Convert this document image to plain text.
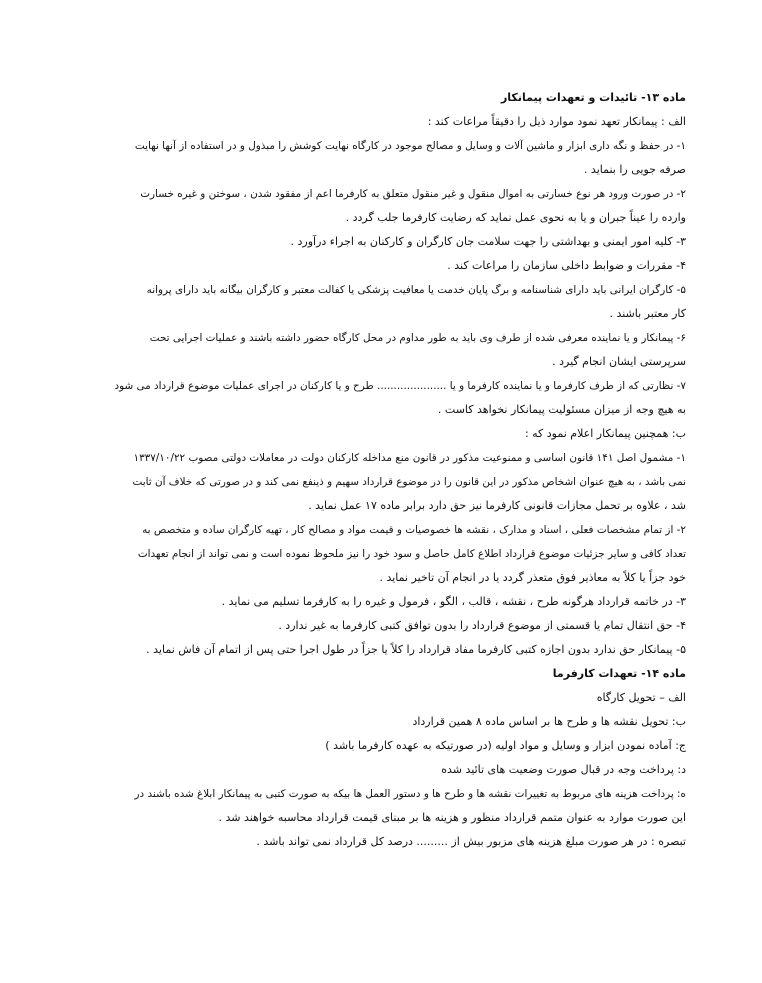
ماده ۱۳- تائیدات و تعهدات پیمانکار
الف : پیمانکار تعهد نمود موارد ذیل را دقیقاً مراعات کند :
۱- در حفظ و نگه داری ابزار و ماشین آلات و وسایل و مصالح موجود در کارگاه نهایت کوشش را مبذول و در استفاده از آنها نهایت
صرفه جویی را بنماید .
۲- در صورت ورود هر نوع خسارتی به اموال منقول و غیر منقول متعلق به کارفرما اعم از مفقود شدن ، سوختن و غیره خسارت
وارده را عیناً جبران و یا به نحوی عمل نماید که رضایت کارفرما جلب گردد .
۳- کلیه امور ایمنی و بهداشتی را جهت سلامت جان کارگران و کارکنان به اجراء درآورد .
۴- مقررات و ضوابط داخلی سازمان را مراعات کند .
۵- کارگران ایرانی باید دارای شناسنامه و برگ پایان خدمت یا معافیت پزشکی یا کفالت معتبر و کارگران بیگانه باید دارای پروانه
کار معتبر باشند .
۶- پیمانکار و یا نماینده معرفی شده از طرف وی باید به طور مداوم در محل کارگاه حضور داشته باشند و عملیات اجرایی تحت
سرپرستی ایشان انجام گیرد .
۷- نظارتی که از طرف کارفرما و یا نماینده کارفرما و یا ..................... طرح و یا کارکنان در اجرای عملیات موضوع قرارداد می شود
به هیچ وجه از میزان مسئولیت پیمانکار نخواهد کاست .
ب: همچنین پیمانکار اعلام نمود که :
۱- مشمول اصل ۱۴۱ قانون اساسی و ممنوعیت مذکور در قانون منع مداخله کارکنان دولت در معاملات دولتی مصوب ۱۳۳۷/۱۰/۲۲
نمی باشد ، به هیچ عنوان اشخاص مذکور در این قانون را در موضوع قرارداد سهیم و ذینفع نمی کند و در صورتی که خلاف آن ثابت
شد ، علاوه بر تحمل مجازات قانونی کارفرما نیز حق دارد برابر ماده ۱۷ عمل نماید .
۲- از تمام مشخصات فعلی ، اسناد و مدارک ، نقشه ها خصوصیات و قیمت مواد و مصالح کار ، تهیه کارگران ساده و متخصص به
تعداد کافی و سایر جزئیات موضوع قرارداد اطلاع کامل حاصل و سود خود را نیز ملحوظ نموده است و نمی تواند از انجام تعهدات
خود جزاً یا کلاً به معاذیر فوق متعذر گردد یا در انجام آن تاخیر نماید .
۳- در خاتمه قرارداد هرگونه طرح ، نقشه ، قالب ، الگو ، فرمول و غیره را به کارفرما تسلیم می نماید .
۴- حق انتقال تمام یا قسمتی از موضوع قرارداد را بدون توافق کتبی کارفرما به غیر ندارد .
۵- پیمانکار حق ندارد بدون اجازه کتبی کارفرما مفاد قرارداد را کلاً یا جزاً در طول اجرا حتی پس از اتمام آن فاش نماید .
ماده ۱۴- تعهدات کارفرما
الف – تحویل کارگاه
ب: تحویل نقشه ها و طرح ها بر اساس ماده ۸ همین قرارداد
ج: آماده نمودن ابزار و وسایل و مواد اولیه (در صورتیکه به عهده کارفرما باشد )
د: پرداخت وجه در قبال صورت وضعیت های تائید شده
ه: پرداخت هزینه های مربوط به تغییرات نقشه ها و طرح ها و دستور العمل ها بیکه به صورت کتبی به پیمانکار ابلاغ شده باشند در
این صورت موارد به عنوان متمم قرارداد منظور و هزینه ها بر مبنای قیمت قرارداد محاسبه خواهند شد .
تبصره : در هر صورت مبلغ هزینه های مزبور بیش از ......... درصد کل قرارداد نمی تواند باشد .
